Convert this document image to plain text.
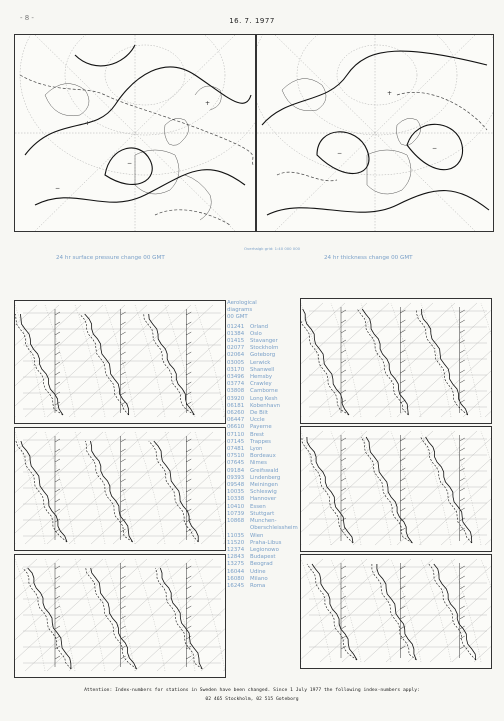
- 8 -	16. 7. 1977
−
+
+
−
−
−
+
Overhalgk grid: 1:40 000 000
24 hr surface pressure change 00 GMT	24 hr thickness change 00 GMT
Aerological
diagrams
00 GMT
01241	Orland
01384	Oslo
01415	Stavanger
02077	Stockholm
02064	Goteborg
03005	Lerwick
03170	Shanwell
03496	Hemsby
03774	Crawley
03808	Camborne
03920	Long Kesh
06181	Kobenhavn
06260	De Bilt
06447	Uccle
06610	Payerne
07110	Brest
07145	Trappes
07481	Lyon
07510	Bordeaux
07645	Nimes
09184	Greifswald
09393	Lindenberg
09548	Meiningen
10035	Schleswig
10338	Hannover
10410	Essen
10739	Stuttgart
10868	Munchen-
Oberschleissheim
11035	Wien
11520	Praha-Libus
12374	Legionowo
12843	Budapest
13275	Beograd
16044	Udine
16080	Milano
16245	Roma
Attention: Index-numbers for stations in Sweden have been changed. Since 1 July 1977 the following index-numbers apply:
02 465 Stockholm, 02 515 Goteborg
